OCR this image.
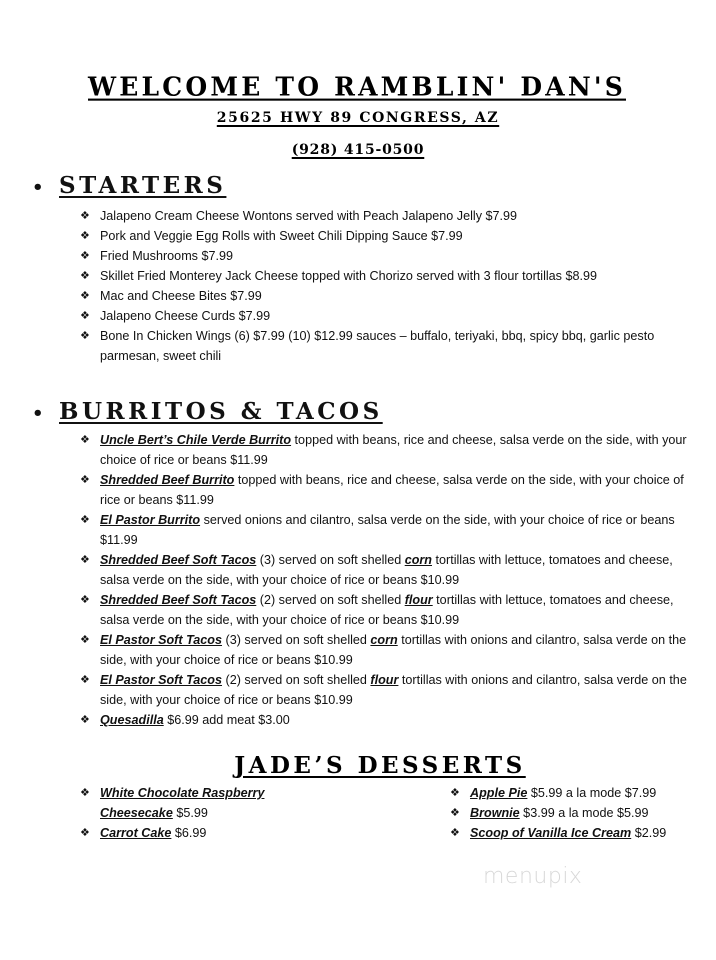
WELCOME TO RAMBLIN' DAN'S
25625 HWY 89 CONGRESS, AZ
(928) 415-0500
• STARTERS
❖ Jalapeno Cream Cheese Wontons served with Peach Jalapeno Jelly $7.99
❖ Pork and Veggie Egg Rolls with Sweet Chili Dipping Sauce $7.99
❖ Fried Mushrooms $7.99
❖ Skillet Fried Monterey Jack Cheese topped with Chorizo served with 3 flour tortillas $8.99
❖ Mac and Cheese Bites $7.99
❖ Jalapeno Cheese Curds $7.99
❖ Bone In Chicken Wings (6) $7.99 (10) $12.99 sauces – buffalo, teriyaki, bbq, spicy bbq, garlic pesto parmesan, sweet chili
• BURRITOS & TACOS
❖ Uncle Bert’s Chile Verde Burrito topped with beans, rice and cheese, salsa verde on the side, with your choice of rice or beans $11.99
❖ Shredded Beef Burrito topped with beans, rice and cheese, salsa verde on the side, with your choice of rice or beans $11.99
❖ El Pastor Burrito served onions and cilantro, salsa verde on the side, with your choice of rice or beans $11.99
❖ Shredded Beef Soft Tacos (3) served on soft shelled corn tortillas with lettuce, tomatoes and cheese, salsa verde on the side, with your choice of rice or beans $10.99
❖ Shredded Beef Soft Tacos (2) served on soft shelled flour tortillas with lettuce, tomatoes and cheese, salsa verde on the side, with your choice of rice or beans $10.99
❖ El Pastor Soft Tacos (3) served on soft shelled corn tortillas with onions and cilantro, salsa verde on the side, with your choice of rice or beans $10.99
❖ El Pastor Soft Tacos (2) served on soft shelled flour tortillas with onions and cilantro, salsa verde on the side, with your choice of rice or beans $10.99
❖ Quesadilla $6.99 add meat $3.00
JADE’S DESSERTS
❖ White Chocolate Raspberry Cheesecake $5.99
❖ Carrot Cake $6.99
❖ Apple Pie $5.99 a la mode $7.99
❖ Brownie $3.99 a la mode $5.99
❖ Scoop of Vanilla Ice Cream $2.99
menupix
